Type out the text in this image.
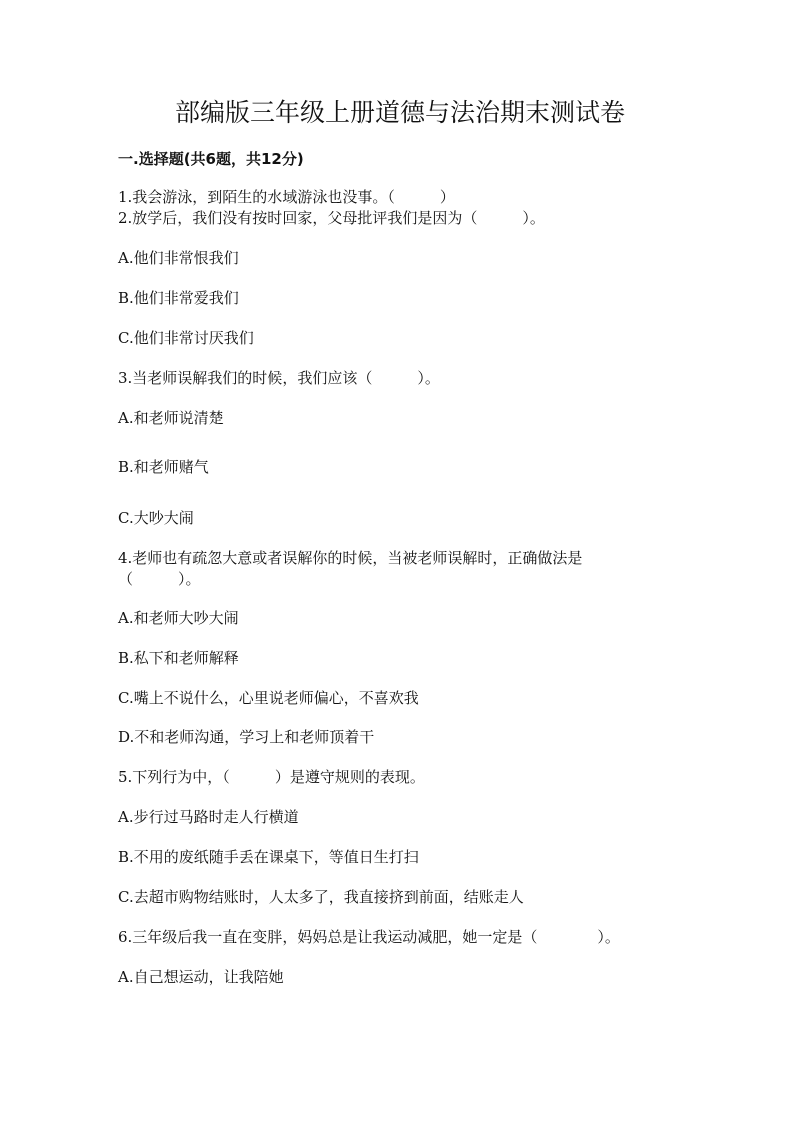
部编版三年级上册道德与法治期末测试卷
一.选择题(共6题，共12分)
1.我会游泳，到陌生的水域游泳也没事。（　　　）
2.放学后，我们没有按时回家，父母批评我们是因为（　　　）。
A.他们非常恨我们
B.他们非常爱我们
C.他们非常讨厌我们
3.当老师误解我们的时候，我们应该（　　　）。
A.和老师说清楚
B.和老师赌气
C.大吵大闹
4.老师也有疏忽大意或者误解你的时候，当被老师误解时，正确做法是
（　　　）。
A.和老师大吵大闹
B.私下和老师解释
C.嘴上不说什么，心里说老师偏心，不喜欢我
D.不和老师沟通，学习上和老师顶着干
5.下列行为中，（　　　）是遵守规则的表现。
A.步行过马路时走人行横道
B.不用的废纸随手丢在课桌下，等值日生打扫
C.去超市购物结账时，人太多了，我直接挤到前面，结账走人
6.三年级后我一直在变胖，妈妈总是让我运动减肥，她一定是（　　　　）。
A.自己想运动，让我陪她
